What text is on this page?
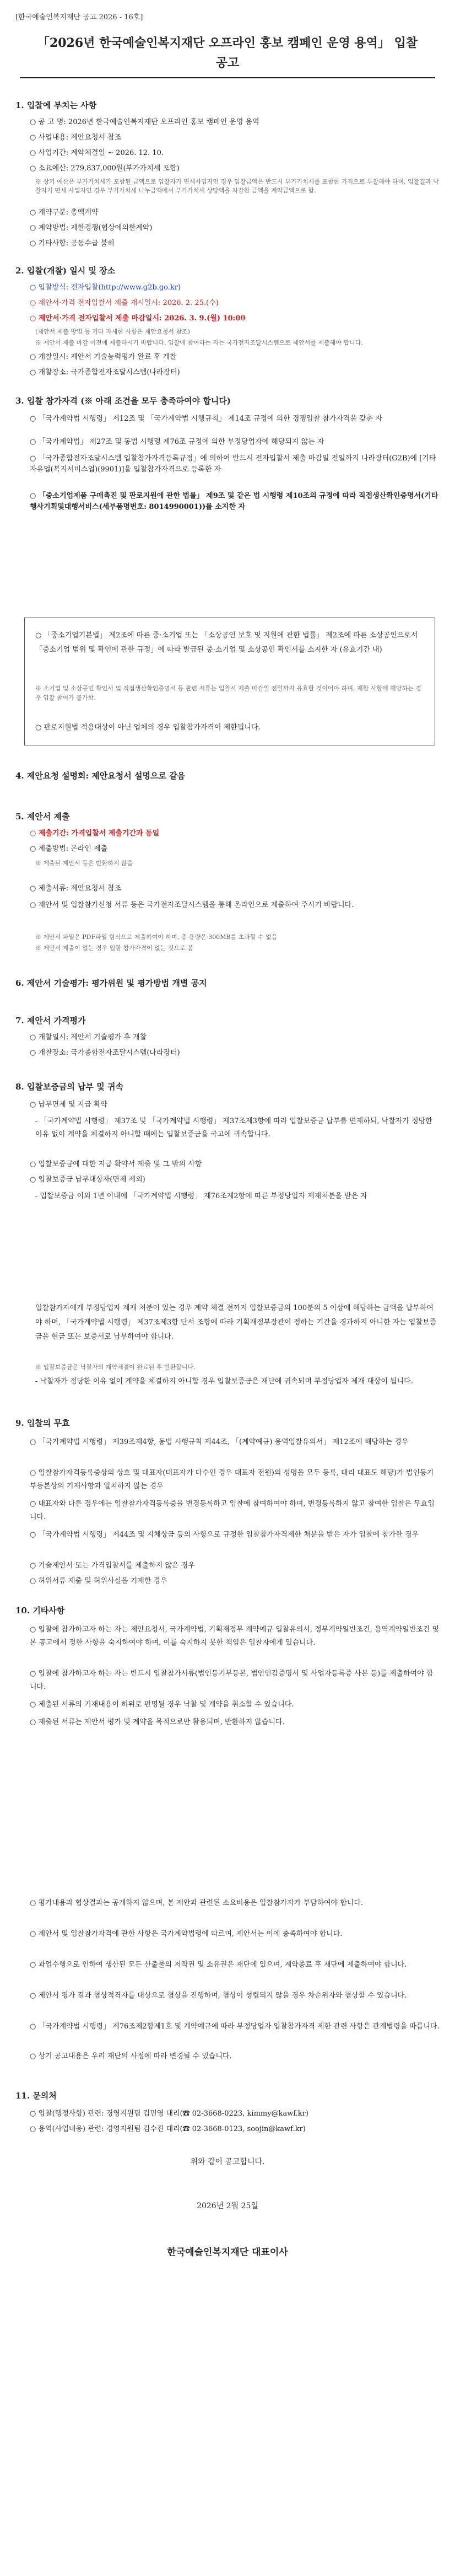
[한국예술인복지재단 공고 2026 - 16호]
「2026년 한국예술인복지재단 오프라인 홍보 캠페인 운영 용역」 입찰
공고
1. 입찰에 부치는 사항
○ 공 고 명: 2026년 한국예술인복지재단 오프라인 홍보 캠페인 운영 용역
○ 사업내용: 제안요청서 참조
○ 사업기간: 계약체결일 ~ 2026. 12. 10.
○ 소요예산: 279,837,000원(부가가치세 포함)
※ 상기 예산은 부가가치세가 포함된 금액으로 입찰자가 면세사업자인 경우 입찰금액은 반드시 부가가치세를 포함한 가격으로 투찰해야 하며, 입찰결과 낙찰자가 면세 사업자인 경우 부가가치세 나누금액에서 부가가치세 상당액을 차감한 금액을 계약금액으로 함.
○ 계약구분: 총액계약
○ 계약방법: 제한경쟁(협상에의한계약)
○ 기타사항: 공동수급 불허
2. 입찰(개찰) 일시 및 장소
○ 입찰방식: 전자입찰(http://www.g2b.go.kr)
○ 제안서·가격 전자입찰서 제출 개시일시: 2026. 2. 25.(수)
○ 제안서·가격 전자입찰서 제출 마감일시: 2026. 3. 9.(월) 10:00
(제안서 제출 방법 등 기타 자세한 사항은 제안요청서 참조)
※ 제안서 제출 마감 이전에 제출하시기 바랍니다. 입찰에 참여하는 자는 국가전자조달시스템으로 제안서를 제출해야 합니다.
○ 개찰일시: 제안서 기술능력평가 완료 후 개찰
○ 개찰장소: 국가종합전자조달시스템(나라장터)
3. 입찰 참가자격 (※ 아래 조건을 모두 충족하여야 합니다)
○ 「국가계약법 시행령」 제12조 및 「국가계약법 시행규칙」 제14조 규정에 의한 경쟁입찰 참가자격을 갖춘 자
○ 「국가계약법」 제27조 및 동법 시행령 제76조 규정에 의한 부정당업자에 해당되지 않는 자
○ 「국가종합전자조달시스템 입찰참가자격등록규정」에 의하여 반드시 전자입찰서 제출 마감일 전일까지 나라장터(G2B)에 [기타자유업(복지서비스업)(9901)]을 입찰참가자격으로 등록한 자
○ 「중소기업제품 구매촉진 및 판로지원에 관한 법률」 제9조 및 같은 법 시행령 제10조의 규정에 따라 직접생산확인증명서(기타행사기획및대행서비스(세부품명번호: 8014990001))를 소지한 자
○ 「중소기업기본법」 제2조에 따른 중·소기업 또는 「소상공인 보호 및 지원에 관한 법률」 제2조에 따른 소상공인으로서 「중소기업 범위 및 확인에 관한 규정」에 따라 발급된 중·소기업 및 소상공인 확인서를 소지한 자 (유효기간 내)
※ 소기업 및 소상공인 확인서 및 직접생산확인증명서 등 관련 서류는 입찰서 제출 마감일 전일까지 유효한 것이어야 하며, 제한 사항에 해당하는 경우 입찰 참여가 불가함.
○ 판로지원법 적용대상이 아닌 업체의 경우 입찰참가자격이 제한됩니다.
4. 제안요청 설명회: 제안요청서 설명으로 갈음
5. 제안서 제출
○ 제출기간: 가격입찰서 제출기간과 동일
○ 제출방법: 온라인 제출
※ 제출된 제안서 등은 반환하지 않음
○ 제출서류: 제안요청서 참조
○ 제안서 및 입찰참가신청 서류 등은 국가전자조달시스템을 통해 온라인으로 제출하여 주시기 바랍니다.
※ 제안서 파일은 PDF파일 형식으로 제출하여야 하며, 총 용량은 300MB를 초과할 수 없음
※ 제안서 제출이 없는 경우 입찰 참가자격이 없는 것으로 봄
6. 제안서 기술평가: 평가위원 및 평가방법 개별 공지
7. 제안서 가격평가
○ 개찰일시: 제안서 기술평가 후 개찰
○ 개찰장소: 국가종합전자조달시스템(나라장터)
8. 입찰보증금의 납부 및 귀속
○ 납부면제 및 지급 확약
- 「국가계약법 시행령」 제37조 및 「국가계약법 시행령」 제37조제3항에 따라 입찰보증금 납부를 면제하되, 낙찰자가 정당한 이유 없이 계약을 체결하지 아니할 때에는 입찰보증금을 국고에 귀속합니다.
○ 입찰보증금에 대한 지급 확약서 제출 및 그 밖의 사항
○ 입찰보증금 납부대상자(면제 제외)
- 입찰보증금 이외 1년 이내에 「국가계약법 시행령」 제76조제2항에 따른 부정당업자 제재처분을 받은 자
입찰참가자에게 부정당업자 제재 처분이 있는 경우 계약 체결 전까지 입찰보증금의 100분의 5 이상에 해당하는 금액을 납부하여야 하며, 「국가계약법 시행령」 제37조제3항 단서 조항에 따라 기획재정부장관이 정하는 기간을 경과하지 아니한 자는 입찰보증금을 현금 또는 보증서로 납부하여야 합니다.
※ 입찰보증금은 낙찰자의 계약체결이 완료된 후 반환합니다.
- 낙찰자가 정당한 이유 없이 계약을 체결하지 아니할 경우 입찰보증금은 재단에 귀속되며 부정당업자 제재 대상이 됩니다.
9. 입찰의 무효
○ 「국가계약법 시행령」 제39조제4항, 동법 시행규칙 제44조, 「(계약예규) 용역입찰유의서」 제12조에 해당하는 경우
○ 입찰참가자격등록증상의 상호 및 대표자(대표자가 다수인 경우 대표자 전원)의 성명을 모두 등록, 대리 대표도 해당)가 법인등기부등본상의 기재사항과 일치하지 않는 경우
○ 대표자와 다른 경우에는 입찰참가자격등록증을 변경등록하고 입찰에 참여하여야 하며, 변경등록하지 않고 참여한 입찰은 무효입니다.
○ 「국가계약법 시행령」 제44조 및 지체상금 등의 사항으로 규정한 입찰참가자격제한 처분을 받은 자가 입찰에 참가한 경우
○ 기술제안서 또는 가격입찰서를 제출하지 않은 경우
○ 허위서류 제출 및 허위사실을 기재한 경우
10. 기타사항
○ 입찰에 참가하고자 하는 자는 제안요청서, 국가계약법, 기획재정부 계약예규 입찰유의서, 정부계약일반조건, 용역계약일반조건 및 본 공고에서 정한 사항을 숙지하여야 하며, 이를 숙지하지 못한 책임은 입찰자에게 있습니다.
○ 입찰에 참가하고자 하는 자는 반드시 입찰참가서류(법인등기부등본, 법인인감증명서 및 사업자등록증 사본 등)를 제출하여야 합니다.
○ 제출된 서류의 기재내용이 허위로 판명될 경우 낙찰 및 계약을 취소할 수 있습니다.
○ 제출된 서류는 제안서 평가 및 계약을 목적으로만 활용되며, 반환하지 않습니다.
○ 평가내용과 협상결과는 공개하지 않으며, 본 제안과 관련된 소요비용은 입찰참가자가 부담하여야 합니다.
○ 제안서 및 입찰참가자격에 관한 사항은 국가계약법령에 따르며, 제안서는 이에 충족하여야 합니다.
○ 과업수행으로 인하여 생산된 모든 산출물의 저작권 및 소유권은 재단에 있으며, 계약종료 후 재단에 제출하여야 합니다.
○ 제안서 평가 결과 협상적격자를 대상으로 협상을 진행하며, 협상이 성립되지 않을 경우 차순위자와 협상할 수 있습니다.
○ 「국가계약법 시행령」 제76조제2항제1호 및 계약예규에 따라 부정당업자 입찰참가자격 제한 관련 사항은 관계법령을 따릅니다.
○ 상기 공고내용은 우리 재단의 사정에 따라 변경될 수 있습니다.
11. 문의처
○ 입찰(행정사항) 관련: 경영지원팀 김민영 대리(☎ 02-3668-0223, kimmy@kawf.kr)
○ 용역(사업내용) 관련: 경영지원팀 김수진 대리(☎ 02-3668-0123, soojin@kawf.kr)
위와 같이 공고합니다.
2026년 2월 25일
한국예술인복지재단 대표이사
